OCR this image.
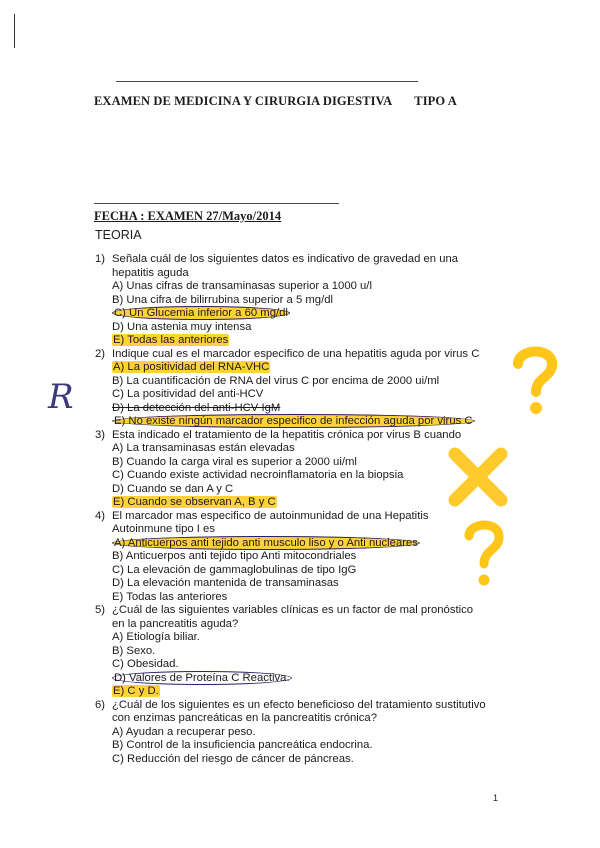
EXAMEN DE MEDICINA Y CIRURGIA DIGESTIVA TIPO A

FECHA : EXAMEN 27/Mayo/2014

TEORIA

1) Señala cuál de los siguientes datos es indicativo de gravedad en una
hepatitis aguda
A) Unas cifras de transaminasas superior a 1000 u/l
B) Una cifra de bilirrubina superior a 5 mg/dl
C) Un Glucemia inferior a 60 mg/dl
D) Una astenia muy intensa
E) Todas las anteriores
2) Indique cual es el marcador especifico de una hepatitis aguda por virus C
A) La positividad del RNA-VHC
B) La cuantificación de RNA del virus C por encima de 2000 ui/ml
C) La positividad del anti-HCV
D) La detección del anti-HCV IgM
E) No existe ningún marcador especifico de infección aguda por virus C
3) Esta indicado el tratamiento de la hepatitis crónica por virus B cuando
A) La transaminasas están elevadas
B) Cuando la carga viral es superior a 2000 ui/ml
C) Cuando existe actividad necroinflamatoria en la biopsia
D) Cuando se dan A y C
E) Cuando se observan A, B y C
4) El marcador mas especifico de autoinmunidad de una Hepatitis
Autoinmune tipo I es
A) Anticuerpos anti tejido anti musculo liso y o Anti nucleares
B) Anticuerpos anti tejido tipo Anti mitocondriales
C) La elevación de gammaglobulinas de tipo IgG
D) La elevación mantenida de transaminasas
E) Todas las anteriores
5) ¿Cuál de las siguientes variables clínicas es un factor de mal pronóstico
en la pancreatitis aguda?
A) Etiología biliar.
B) Sexo.
C) Obesidad.
D) Valores de Proteína C Reactiva.
E) C y D.
6) ¿Cuál de los siguientes es un efecto beneficioso del tratamiento sustitutivo
con enzimas pancreáticas en la pancreatitis crónica?
A) Ayudan a recuperar peso.
B) Control de la insuficiencia pancreática endocrina.
C) Reducción del riesgo de cáncer de páncreas.
R
1
